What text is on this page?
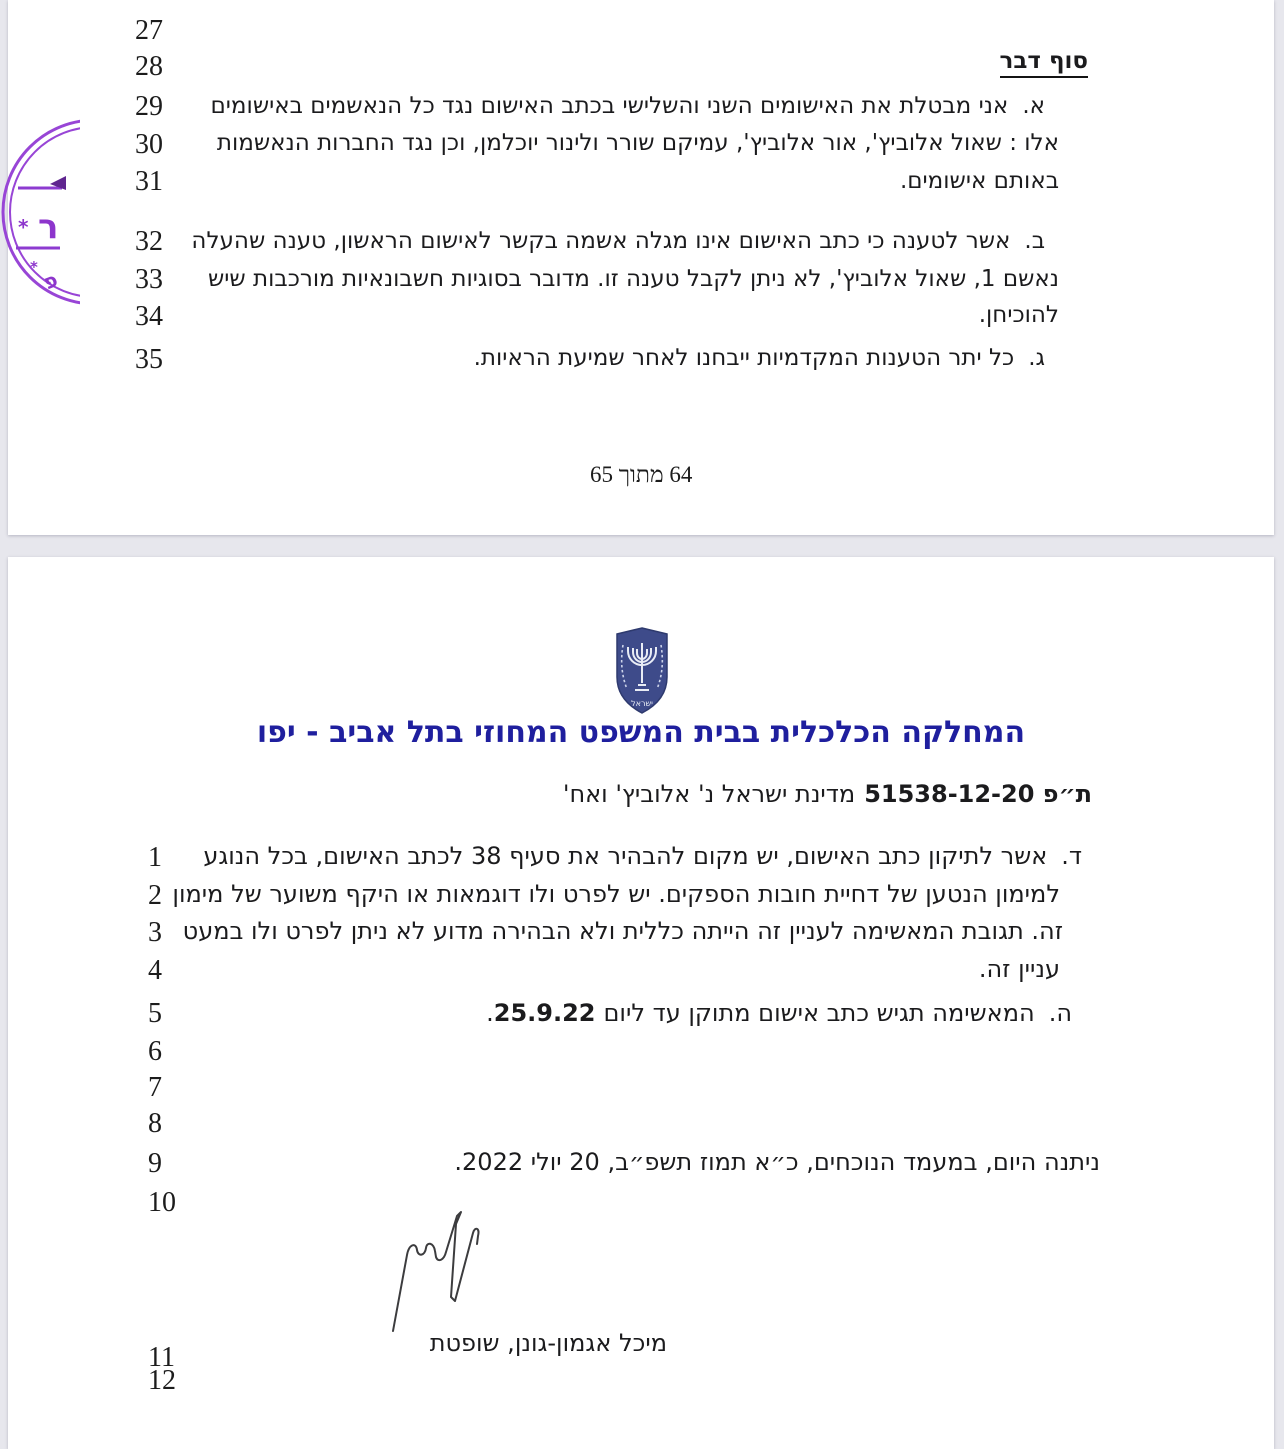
27
28
29
30
31
32
33
34
35
סוף דבר
א.אני מבטלת את האישומים השני והשלישי בכתב האישום נגד כל הנאשמים באישומים
אלו : שאול אלוביץ', אור אלוביץ', עמיקם שורר ולינור יוכלמן, וכן נגד החברות הנאשמות
באותם אישומים.
ב.אשר לטענה כי כתב האישום אינו מגלה אשמה בקשר לאישום הראשון, טענה שהעלה
נאשם 1, שאול אלוביץ', לא ניתן לקבל טענה זו. מדובר בסוגיות חשבונאיות מורכבות שיש
להוכיחן.
ג.כל יתר הטענות המקדמיות ייבחנו לאחר שמיעת הראיות.
64 מתוך 65
* ר
*
פ
1
2
3
4
5
6
7
8
9
10
11
12
ישראל
המחלקה הכלכלית בבית המשפט המחוזי בתל אביב - יפו
ת״פ 51538-12-20מדינת ישראל נ' אלוביץ' ואח'
ד.אשר לתיקון כתב האישום, יש מקום להבהיר את סעיף 38 לכתב האישום, בכל הנוגע
למימון הנטען של דחיית חובות הספקים. יש לפרט ולו דוגמאות או היקף משוער של מימון
זה. תגובת המאשימה לעניין זה הייתה כללית ולא הבהירה מדוע לא ניתן לפרט ולו במעט
עניין זה.
ה.המאשימה תגיש כתב אישום מתוקן עד ליום25.9.22.
ניתנה היום, במעמד הנוכחים, כ״א תמוז תשפ״ב, 20 יולי 2022.
מיכל אגמון-גונן, שופטת
